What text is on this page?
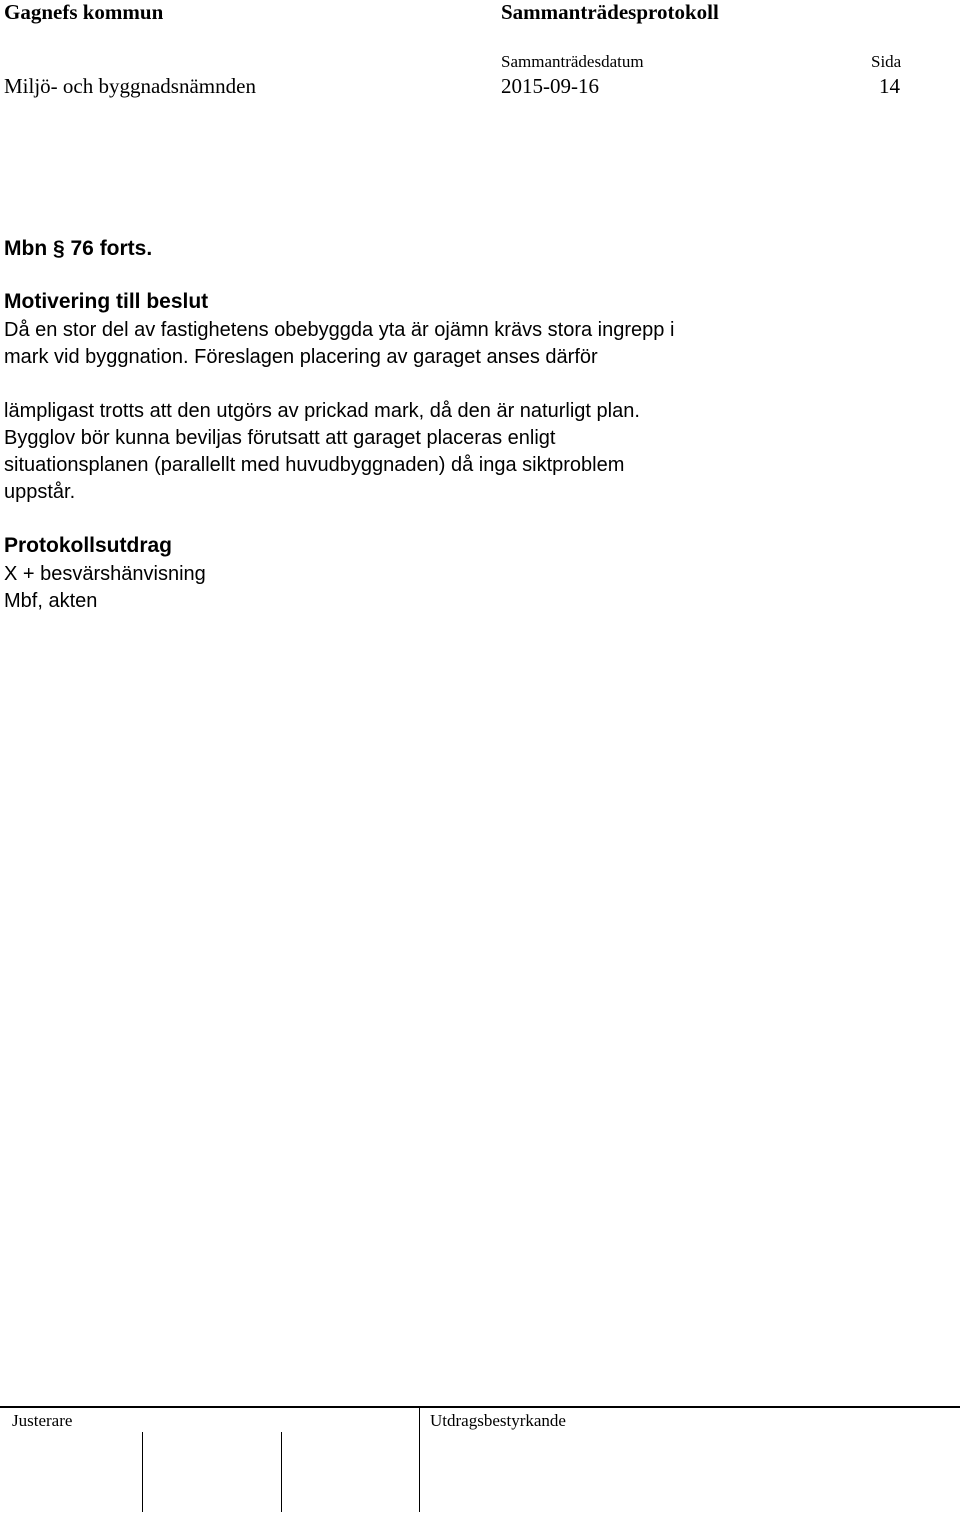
Gagnefs kommun	Sammanträdesprotokoll
Sammanträdesdatum	Sida
Miljö- och byggnadsnämnden	2015-09-16	14
Mbn § 76 forts.
Motivering till beslut
Då en stor del av fastighetens obebyggda yta är ojämn krävs stora ingrepp i
mark vid byggnation. Föreslagen placering av garaget anses därför
lämpligast trotts att den utgörs av prickad mark, då den är naturligt plan.
Bygglov bör kunna beviljas förutsatt att garaget placeras enligt
situationsplanen (parallellt med huvudbyggnaden) då inga siktproblem
uppstår.
Protokollsutdrag
X + besvärshänvisning
Mbf, akten
Justerare	Utdragsbestyrkande
